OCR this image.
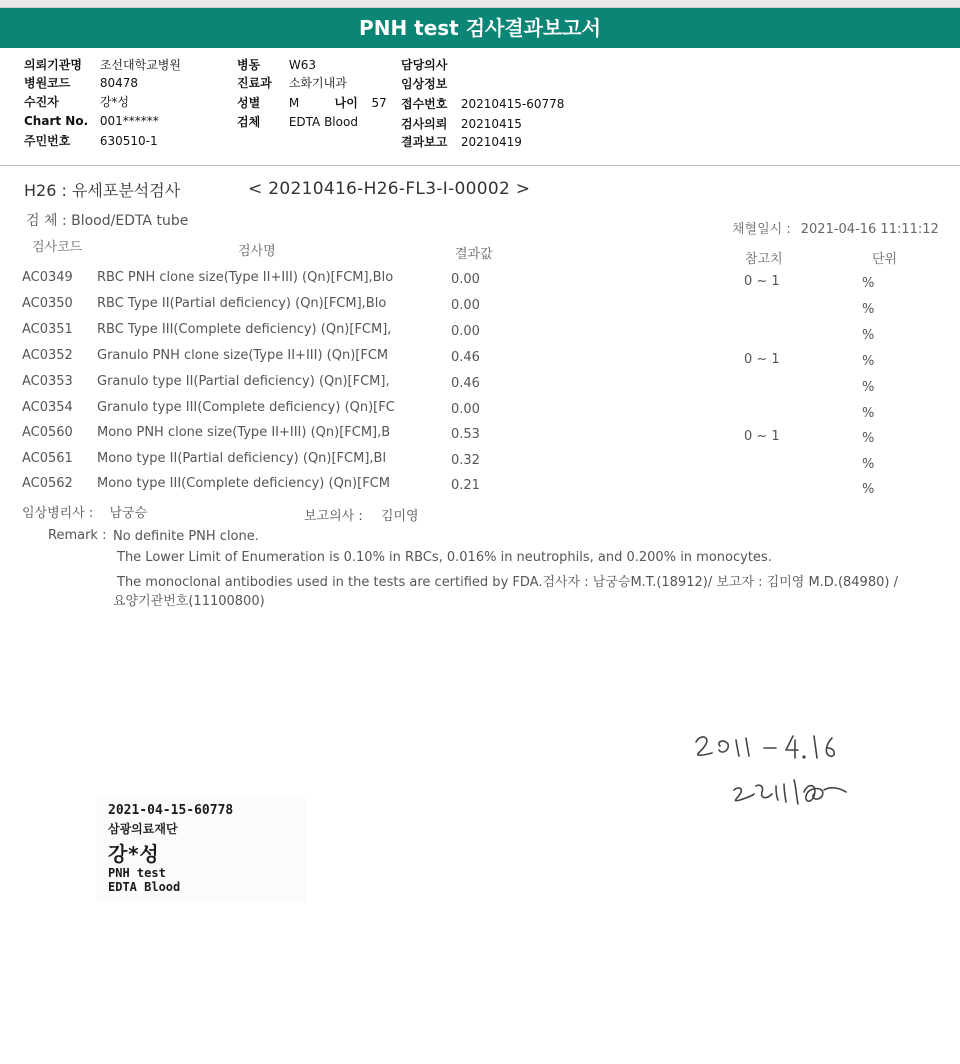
PNH test 검사결과보고서
의뢰기관명 조선대학교병원
병원코드 80478
수진자	강*성
Chart No. 001******
주민번호 630510-1
병동 W63
진료과 소화기내과
성별 M	나이 57
검체 EDTA Blood
담당의사
임상정보
접수번호 20210415-60778
검사의뢰 20210415
결과보고 20210419
H26 : 유세포분석검사	< 20210416-H26-FL3-I-00002 >
검 체 : Blood/EDTA tube
채혈일시 : 2021-04-16 11:11:12
검사코드	검사명	결과값	참고치	단위
AC0349 RBC PNH clone size(Type II+III) (Qn)[FCM],Blo	0.00	0 ~ 1	%
AC0350 RBC Type II(Partial deficiency) (Qn)[FCM],Blo	0.00	%
AC0351 RBC Type III(Complete deficiency) (Qn)[FCM],	0.00	%
AC0352 Granulo PNH clone size(Type II+III) (Qn)[FCM	0.46	0 ~ 1	%
AC0353 Granulo type II(Partial deficiency) (Qn)[FCM],	0.46	%
AC0354 Granulo type III(Complete deficiency) (Qn)[FC	0.00	%
AC0560 Mono PNH clone size(Type II+III) (Qn)[FCM],B	0.53	0 ~ 1	%
AC0561 Mono type II(Partial deficiency) (Qn)[FCM],Bl	0.32	%
AC0562 Mono type III(Complete deficiency) (Qn)[FCM	0.21	%
임상병리사 : 남궁승	보고의사 : 김미영
Remark : No definite PNH clone.
The Lower Limit of Enumeration is 0.10% in RBCs, 0.016% in neutrophils, and 0.200% in monocytes.
The monoclonal antibodies used in the tests are certified by FDA.검사자 : 남궁승M.T.(18912)/ 보고자 : 김미영 M.D.(84980) /
요양기관번호(11100800)
2021-04-15-60778
삼광의료재단
강*성
PNH test
EDTA Blood
